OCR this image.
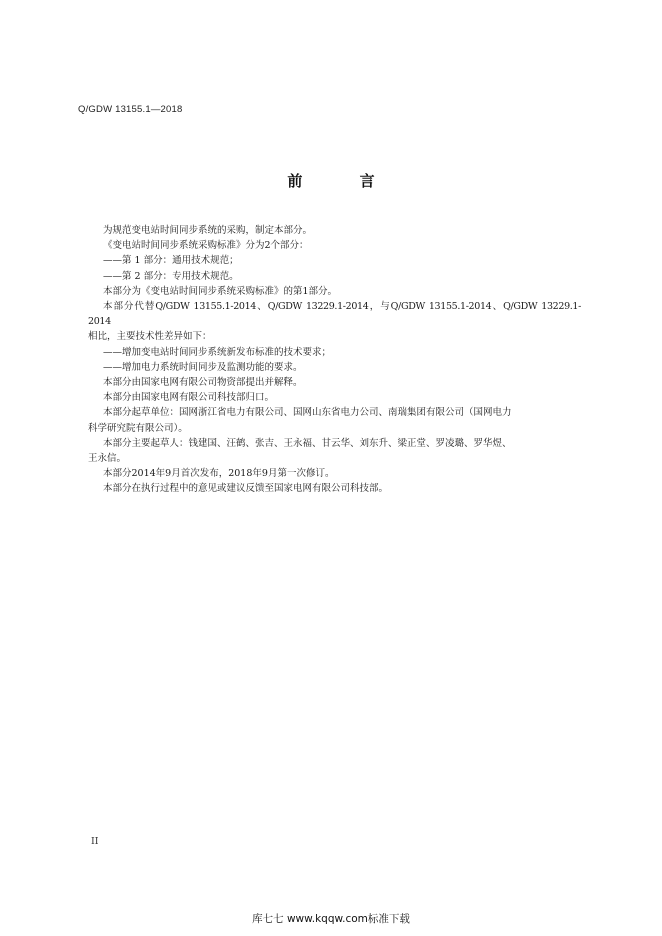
Q/GDW 13155.1—2018
前 言

为规范变电站时间同步系统的采购，制定本部分。

《变电站时间同步系统采购标准》分为2个部分：

——第 1 部分：通用技术规范；

——第 2 部分：专用技术规范。

本部分为《变电站时间同步系统采购标准》的第1部分。

本部分代替Q/GDW 13155.1-2014、Q/GDW 13229.1-2014，与Q/GDW 13155.1-2014、Q/GDW 13229.1-2014

相比，主要技术性差异如下：

——增加变电站时间同步系统新发布标准的技术要求；

——增加电力系统时间同步及监测功能的要求。

本部分由国家电网有限公司物资部提出并解释。

本部分由国家电网有限公司科技部归口。

本部分起草单位：国网浙江省电力有限公司、国网山东省电力公司、南瑞集团有限公司（国网电力

科学研究院有限公司）。

本部分主要起草人：钱建国、汪鹤、张吉、王永福、甘云华、刘东升、梁正堂、罗凌璐、罗华煜、

王永信。

本部分2014年9月首次发布，2018年9月第一次修订。

本部分在执行过程中的意见或建议反馈至国家电网有限公司科技部。

II
库七七 www.kqqw.com标准下载
